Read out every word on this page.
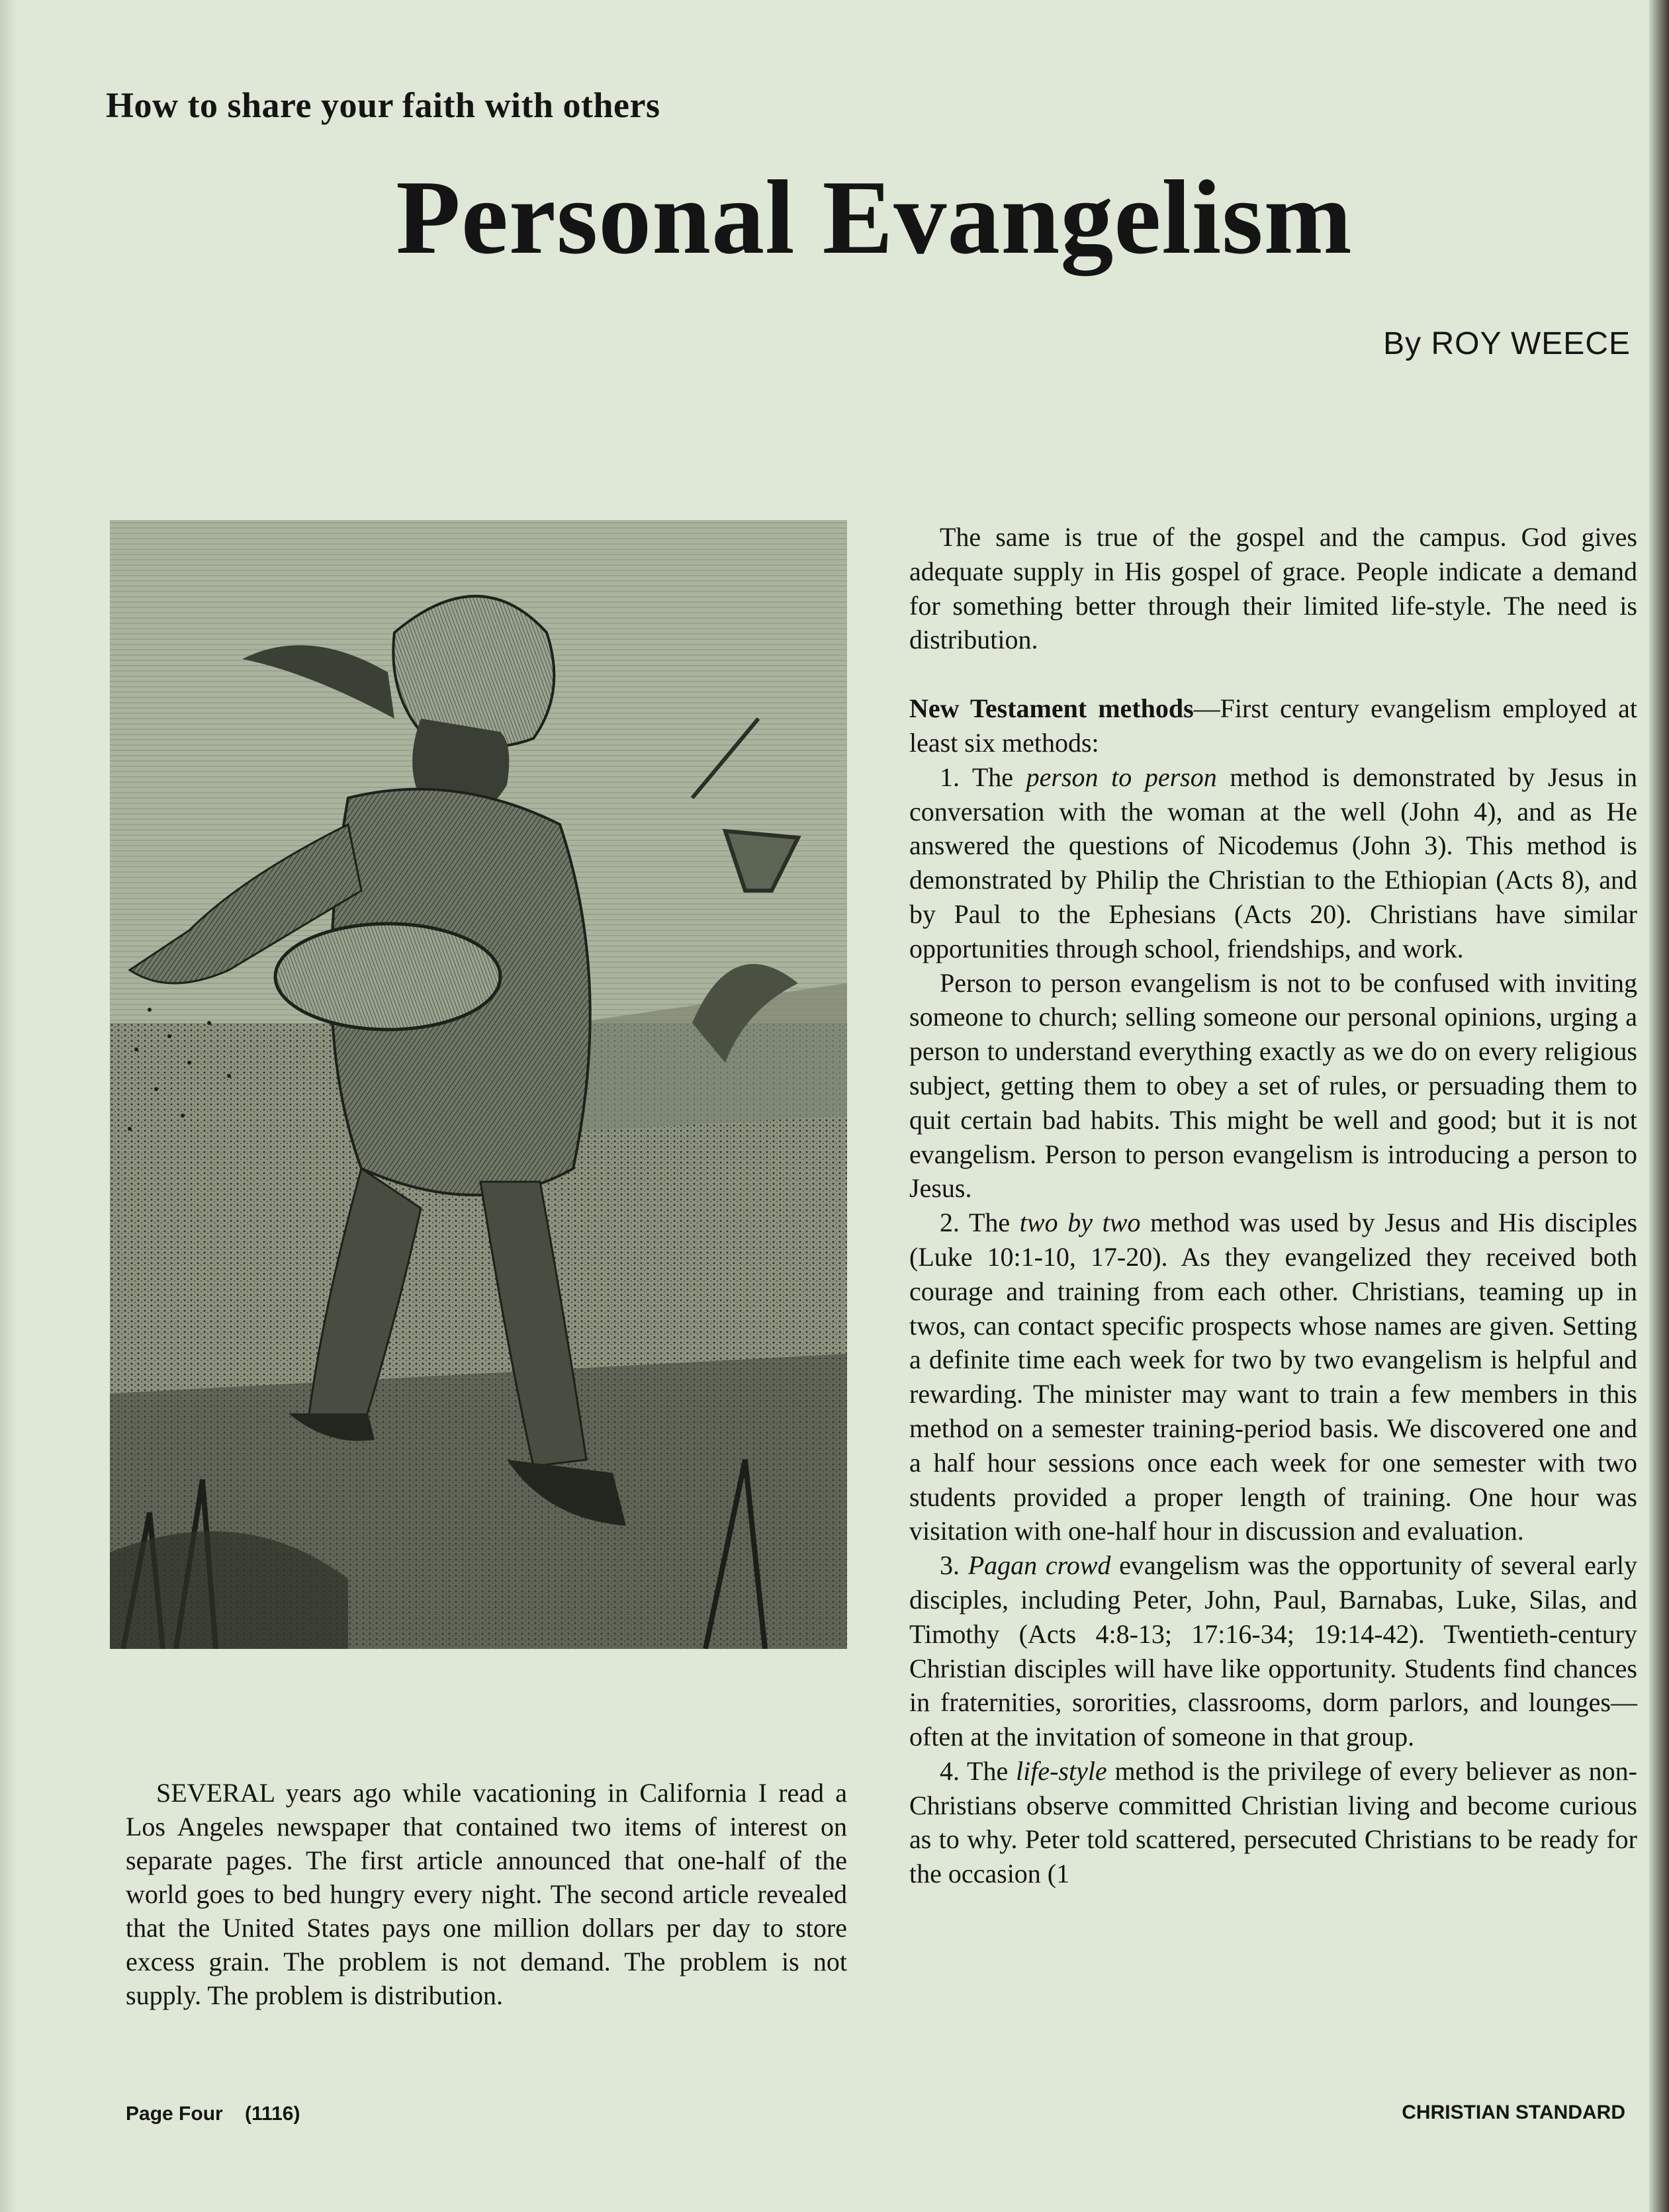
How to share your faith with others
Personal Evangelism
By ROY WEECE

SEVERAL years ago while vacationing in California I read a Los Angeles newspaper that contained two items of interest on separate pages. The first article announced that one-half of the world goes to bed hungry every night. The second article revealed that the United States pays one million dollars per day to store excess grain. The problem is not demand. The problem is not supply. The problem is distribution.

The same is true of the gospel and the campus. God gives adequate supply in His gospel of grace. People indicate a demand for something better through their limited life-style. The need is distribution.

New Testament methods—First century evangelism employed at least six methods:

1. The person to person method is demonstrated by Jesus in conversation with the woman at the well (John 4), and as He answered the questions of Nicodemus (John 3). This method is demonstrated by Philip the Christian to the Ethiopian (Acts 8), and by Paul to the Ephesians (Acts 20). Christians have similar opportunities through school, friendships, and work.

Person to person evangelism is not to be confused with inviting someone to church; selling someone our personal opinions, urging a person to understand everything exactly as we do on every religious subject, getting them to obey a set of rules, or persuading them to quit certain bad habits. This might be well and good; but it is not evangelism. Person to person evangelism is introducing a person to Jesus.

2. The two by two method was used by Jesus and His disciples (Luke 10:1-10, 17-20). As they evangelized they received both courage and training from each other. Christians, teaming up in twos, can contact specific prospects whose names are given. Setting a definite time each week for two by two evangelism is helpful and rewarding. The minister may want to train a few members in this method on a semester training-period basis. We discovered one and a half hour sessions once each week for one semester with two students provided a proper length of training. One hour was visitation with one-half hour in discussion and evaluation.

3. Pagan crowd evangelism was the opportunity of several early disciples, including Peter, John, Paul, Barnabas, Luke, Silas, and Timothy (Acts 4:8-13; 17:16-34; 19:14-42). Twentieth-century Christian disciples will have like opportunity. Students find chances in fraternities, sororities, classrooms, dorm parlors, and lounges—often at the invitation of someone in that group.

4. The life-style method is the privilege of every believer as non-Christians observe committed Christian living and become curious as to why. Peter told scattered, persecuted Christians to be ready for the occasion (1

Page Four    (1116)	CHRISTIAN STANDARD
